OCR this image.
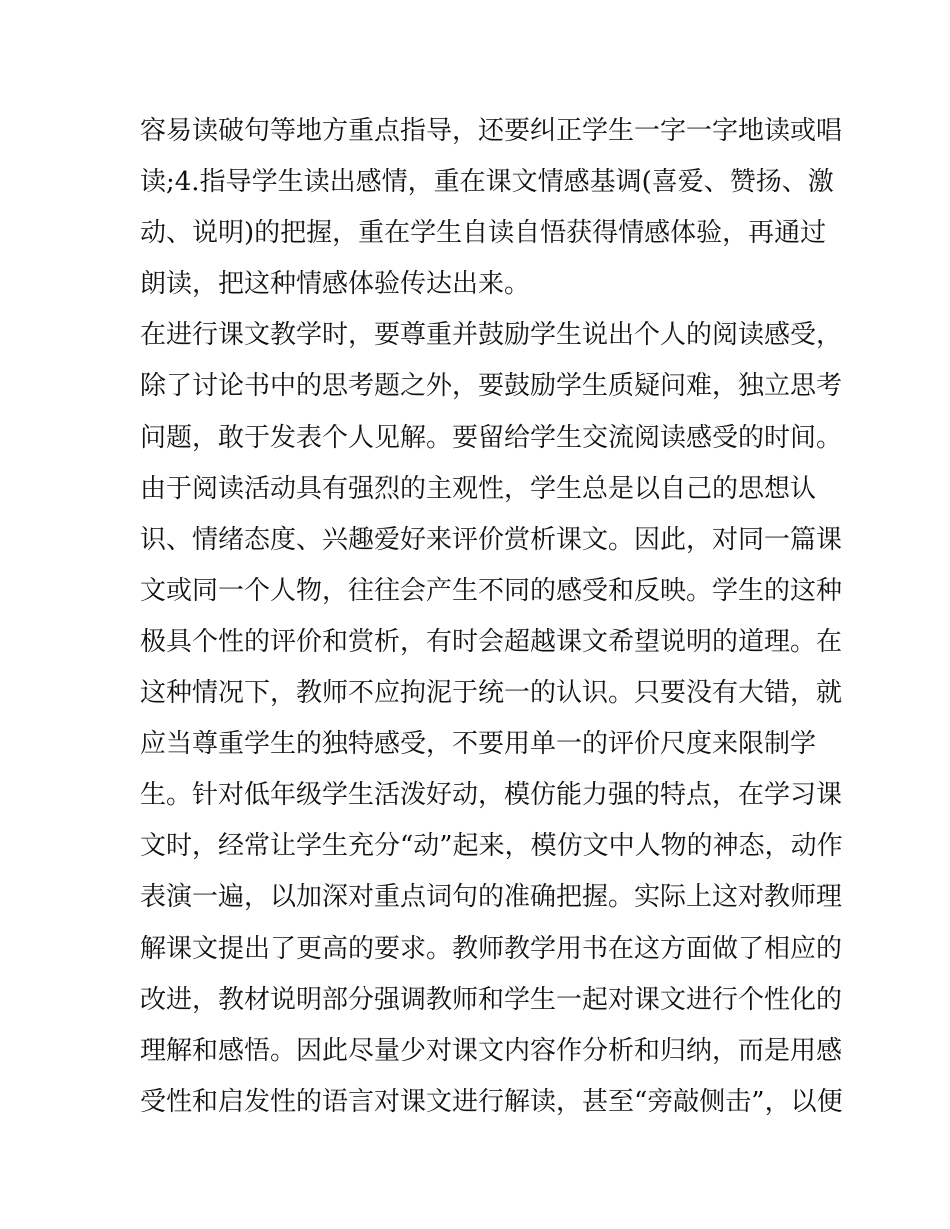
容易读破句等地方重点指导，还要纠正学生一字一字地读或唱
读;4.指导学生读出感情，重在课文情感基调(喜爱、赞扬、激
动、说明)的把握，重在学生自读自悟获得情感体验，再通过
朗读，把这种情感体验传达出来。
在进行课文教学时，要尊重并鼓励学生说出个人的阅读感受，
除了讨论书中的思考题之外，要鼓励学生质疑问难，独立思考
问题，敢于发表个人见解。要留给学生交流阅读感受的时间。
由于阅读活动具有强烈的主观性，学生总是以自己的思想认
识、情绪态度、兴趣爱好来评价赏析课文。因此，对同一篇课
文或同一个人物，往往会产生不同的感受和反映。学生的这种
极具个性的评价和赏析，有时会超越课文希望说明的道理。在
这种情况下，教师不应拘泥于统一的认识。只要没有大错，就
应当尊重学生的独特感受，不要用单一的评价尺度来限制学
生。针对低年级学生活泼好动，模仿能力强的特点，在学习课
文时，经常让学生充分“动”起来，模仿文中人物的神态，动作
表演一遍，以加深对重点词句的准确把握。实际上这对教师理
解课文提出了更高的要求。教师教学用书在这方面做了相应的
改进，教材说明部分强调教师和学生一起对课文进行个性化的
理解和感悟。因此尽量少对课文内容作分析和归纳，而是用感
受性和启发性的语言对课文进行解读，甚至“旁敲侧击”，以便
